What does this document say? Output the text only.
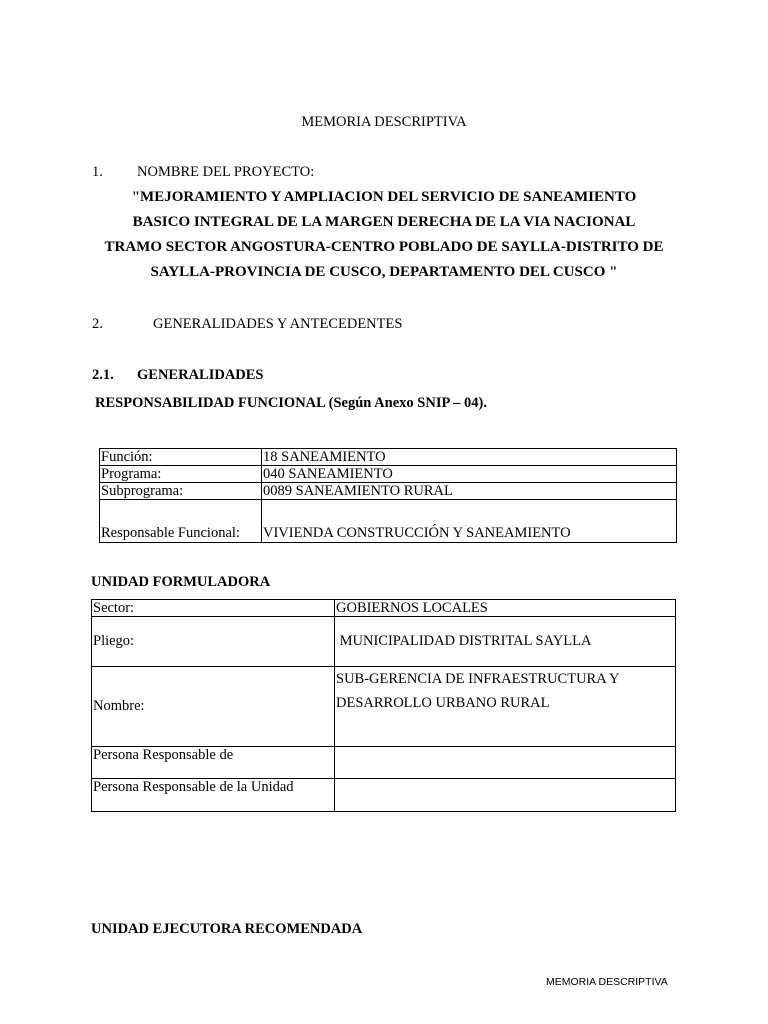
MEMORIA DESCRIPTIVA
1. NOMBRE DEL PROYECTO:
"MEJORAMIENTO Y AMPLIACION DEL SERVICIO DE SANEAMIENTO
BASICO INTEGRAL DE LA MARGEN DERECHA DE LA VIA NACIONAL
TRAMO SECTOR ANGOSTURA-CENTRO POBLADO DE SAYLLA-DISTRITO DE
SAYLLA-PROVINCIA DE CUSCO, DEPARTAMENTO DEL CUSCO "
2.	GENERALIDADES Y ANTECEDENTES
2.1. GENERALIDADES
RESPONSABILIDAD FUNCIONAL (Según Anexo SNIP – 04).
Función:	18 SANEAMIENTO
Programa:	040 SANEAMIENTO
Subprograma:	0089 SANEAMIENTO RURAL
Responsable Funcional:	VIVIENDA CONSTRUCCIÓN Y SANEAMIENTO
UNIDAD FORMULADORA
Sector:	GOBIERNOS LOCALES
Pliego:	MUNICIPALIDAD DISTRITAL SAYLLA
Nombre:	SUB-GERENCIA DE INFRAESTRUCTURA Y DESARROLLO URBANO RURAL
Persona Responsable de	
Persona Responsable de la Unidad	
UNIDAD EJECUTORA RECOMENDADA
MEMORIA DESCRIPTIVA
